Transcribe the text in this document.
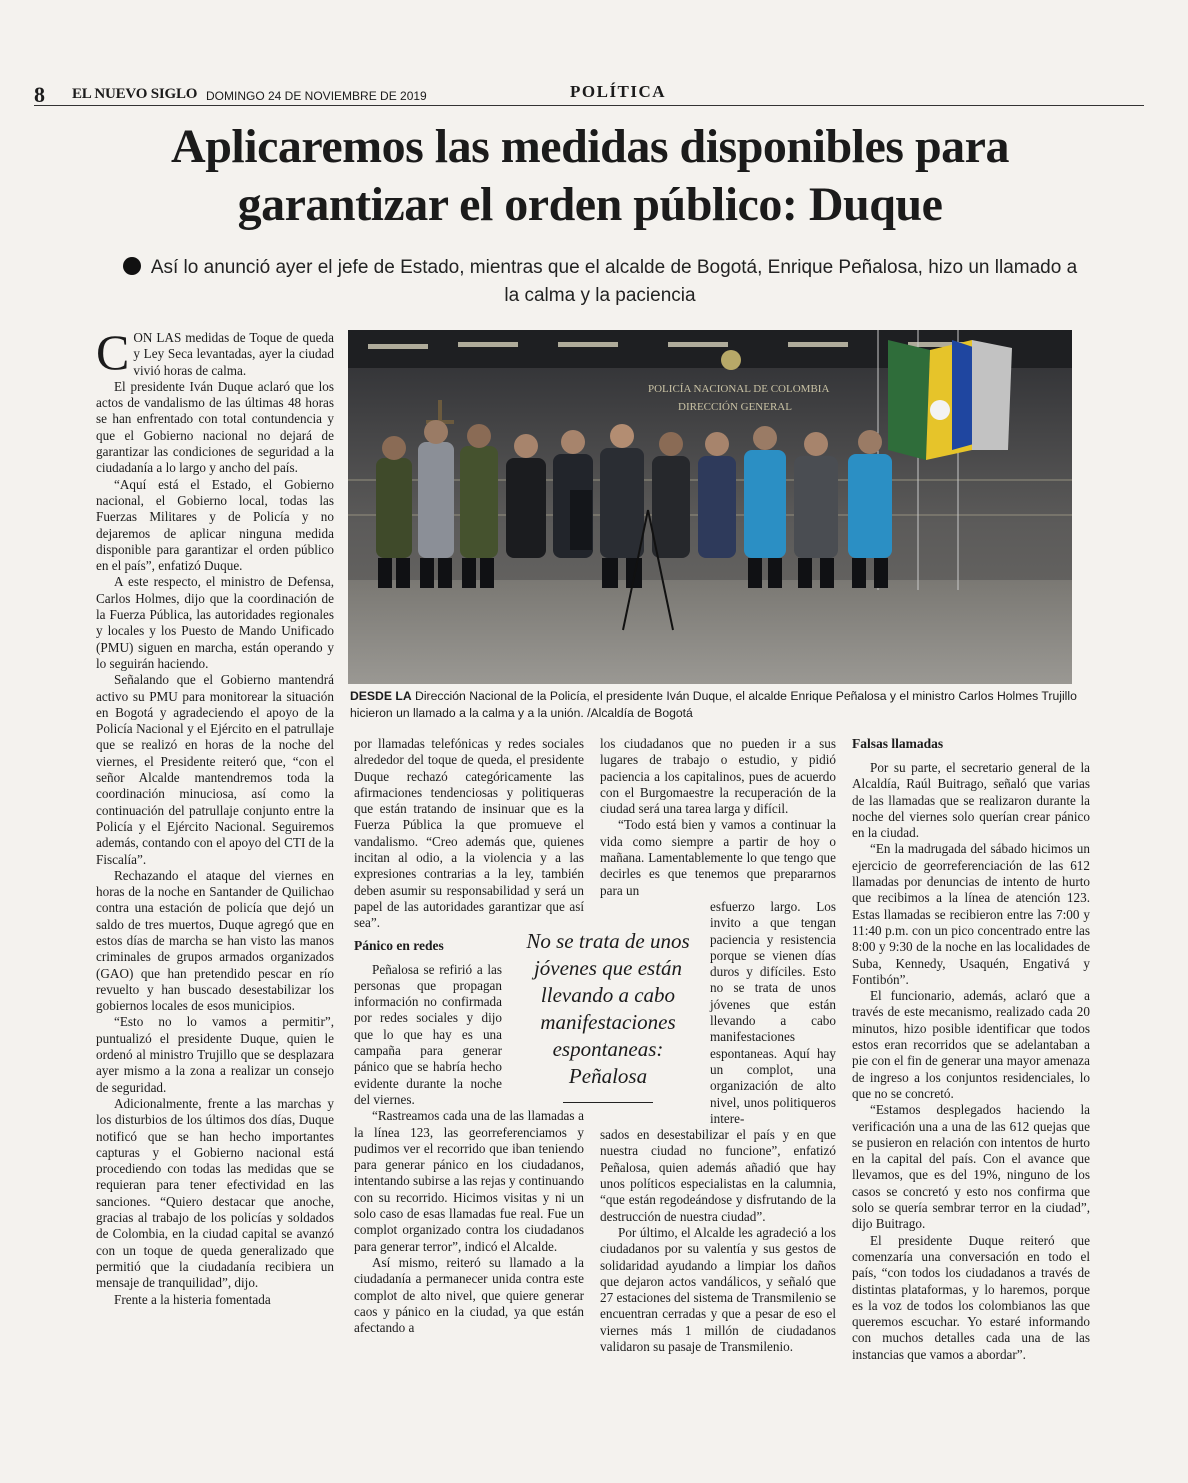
8 EL NUEVO SIGLO DOMINGO 24 DE NOVIEMBRE DE 2019	POLÍTICA
Aplicaremos las medidas disponibles para garantizar el orden público: Duque
Así lo anunció ayer el jefe de Estado, mientras que el alcalde de Bogotá, Enrique Peñalosa, hizo un llamado a la calma y la paciencia

CON LAS medidas de Toque de queda y Ley Seca levantadas, ayer la ciudad vivió horas de calma.

El presidente Iván Duque aclaró que los actos de vandalismo de las últimas 48 horas se han enfrentado con total contundencia y que el Gobierno nacional no dejará de garantizar las condiciones de seguridad a la ciudadanía a lo largo y ancho del país.

“Aquí está el Estado, el Gobierno nacional, el Gobierno local, todas las Fuerzas Militares y de Policía y no dejaremos de aplicar ninguna medida disponible para garantizar el orden público en el país”, enfatizó Duque.

A este respecto, el ministro de Defensa, Carlos Holmes, dijo que la coordinación de la Fuerza Pública, las autoridades regionales y locales y los Puesto de Mando Unificado (PMU) siguen en marcha, están operando y lo seguirán haciendo.

Señalando que el Gobierno mantendrá activo su PMU para monitorear la situación en Bogotá y agradeciendo el apoyo de la Policía Nacional y el Ejército en el patrullaje que se realizó en horas de la noche del viernes, el Presidente reiteró que, “con el señor Alcalde mantendremos toda la coordinación minuciosa, así como la continuación del patrullaje conjunto entre la Policía y el Ejército Nacional. Seguiremos además, contando con el apoyo del CTI de la Fiscalía”.

Rechazando el ataque del viernes en horas de la noche en Santander de Quilichao contra una estación de policía que dejó un saldo de tres muertos, Duque agregó que en estos días de marcha se han visto las manos criminales de grupos armados organizados (GAO) que han pretendido pescar en río revuelto y han buscado desestabilizar los gobiernos locales de esos municipios.

“Esto no lo vamos a permitir”, puntualizó el presidente Duque, quien le ordenó al ministro Trujillo que se desplazara ayer mismo a la zona a realizar un consejo de seguridad.

Adicionalmente, frente a las marchas y los disturbios de los últimos dos días, Duque notificó que se han hecho importantes capturas y el Gobierno nacional está procediendo con todas las medidas que se requieran para tener efectividad en las sanciones. “Quiero destacar que anoche, gracias al trabajo de los policías y soldados de Colombia, en la ciudad capital se avanzó con un toque de queda generalizado que permitió que la ciudadanía recibiera un mensaje de tranquilidad”, dijo.

Frente a la histeria fomentada

POLICÍA NACIONAL DE COLOMBIA
DIRECCIÓN GENERAL
DESDE LA Dirección Nacional de la Policía, el presidente Iván Duque, el alcalde Enrique Peñalosa y el ministro Carlos Holmes Trujillo hicieron un llamado a la calma y a la unión. /Alcaldía de Bogotá

por llamadas telefónicas y redes sociales alrededor del toque de queda, el presidente Duque rechazó categóricamente las afirmaciones tendenciosas y politiqueras que están tratando de insinuar que es la Fuerza Pública la que promueve el vandalismo. “Creo además que, quienes incitan al odio, a la violencia y a las expresiones contrarias a la ley, también deben asumir su responsabilidad y será un papel de las autoridades garantizar que así sea”.

Pánico en redes

Peñalosa se refirió a las personas que propagan información no confirmada por redes sociales y dijo que lo que hay es una campaña para generar pánico que se habría hecho evidente durante la noche del viernes.

“Rastreamos cada una de las llamadas a la línea 123, las georreferenciamos y pudimos ver el recorrido que iban teniendo para generar pánico en los ciudadanos, intentando subirse a las rejas y continuando con su recorrido. Hicimos visitas y ni un solo caso de esas llamadas fue real. Fue un complot organizado contra los ciudadanos para generar terror”, indicó el Alcalde.

Así mismo, reiteró su llamado a la ciudadanía a permanecer unida contra este complot de alto nivel, que quiere generar caos y pánico en la ciudad, ya que están afectando a

los ciudadanos que no pueden ir a sus lugares de trabajo o estudio, y pidió paciencia a los capitalinos, pues de acuerdo con el Burgomaestre la recuperación de la ciudad será una tarea larga y difícil.

“Todo está bien y vamos a continuar la vida como siempre a partir de hoy o mañana. Lamentablemente lo que tengo que decirles es que tenemos que prepararnos para un

esfuerzo largo. Los invito a que tengan paciencia y resistencia porque se vienen días duros y difíciles. Esto no se trata de unos jóvenes que están llevando a cabo manifestaciones espontaneas. Aquí hay un complot, una organización de alto nivel, unos politiqueros intere-

sados en desestabilizar el país y en que nuestra ciudad no funcione”, enfatizó Peñalosa, quien además añadió que hay unos políticos especialistas en la calumnia, “que están regodeándose y disfrutando de la destrucción de nuestra ciudad”.

Por último, el Alcalde les agradeció a los ciudadanos por su valentía y sus gestos de solidaridad ayudando a limpiar los daños que dejaron actos vandálicos, y señaló que 27 estaciones del sistema de Transmilenio se encuentran cerradas y que a pesar de eso el viernes más 1 millón de ciudadanos validaron su pasaje de Transmilenio.

No se trata de unos jóvenes que están llevando a cabo manifestaciones espontaneas: Peñalosa
Falsas llamadas

Por su parte, el secretario general de la Alcaldía, Raúl Buitrago, señaló que varias de las llamadas que se realizaron durante la noche del viernes solo querían crear pánico en la ciudad.

“En la madrugada del sábado hicimos un ejercicio de georreferenciación de las 612 llamadas por denuncias de intento de hurto que recibimos a la línea de atención 123. Estas llamadas se recibieron entre las 7:00 y 11:40 p.m. con un pico concentrado entre las 8:00 y 9:30 de la noche en las localidades de Suba, Kennedy, Usaquén, Engativá y Fontibón”.

El funcionario, además, aclaró que a través de este mecanismo, realizado cada 20 minutos, hizo posible identificar que todos estos eran recorridos que se adelantaban a pie con el fin de generar una mayor amenaza de ingreso a los conjuntos residenciales, lo que no se concretó.

“Estamos desplegados haciendo la verificación una a una de las 612 quejas que se pusieron en relación con intentos de hurto en la capital del país. Con el avance que llevamos, que es del 19%, ninguno de los casos se concretó y esto nos confirma que solo se quería sembrar terror en la ciudad”, dijo Buitrago.

El presidente Duque reiteró que comenzaría una conversación en todo el país, “con todos los ciudadanos a través de distintas plataformas, y lo haremos, porque es la voz de todos los colombianos las que queremos escuchar. Yo estaré informando con muchos detalles cada una de las instancias que vamos a abordar”.
